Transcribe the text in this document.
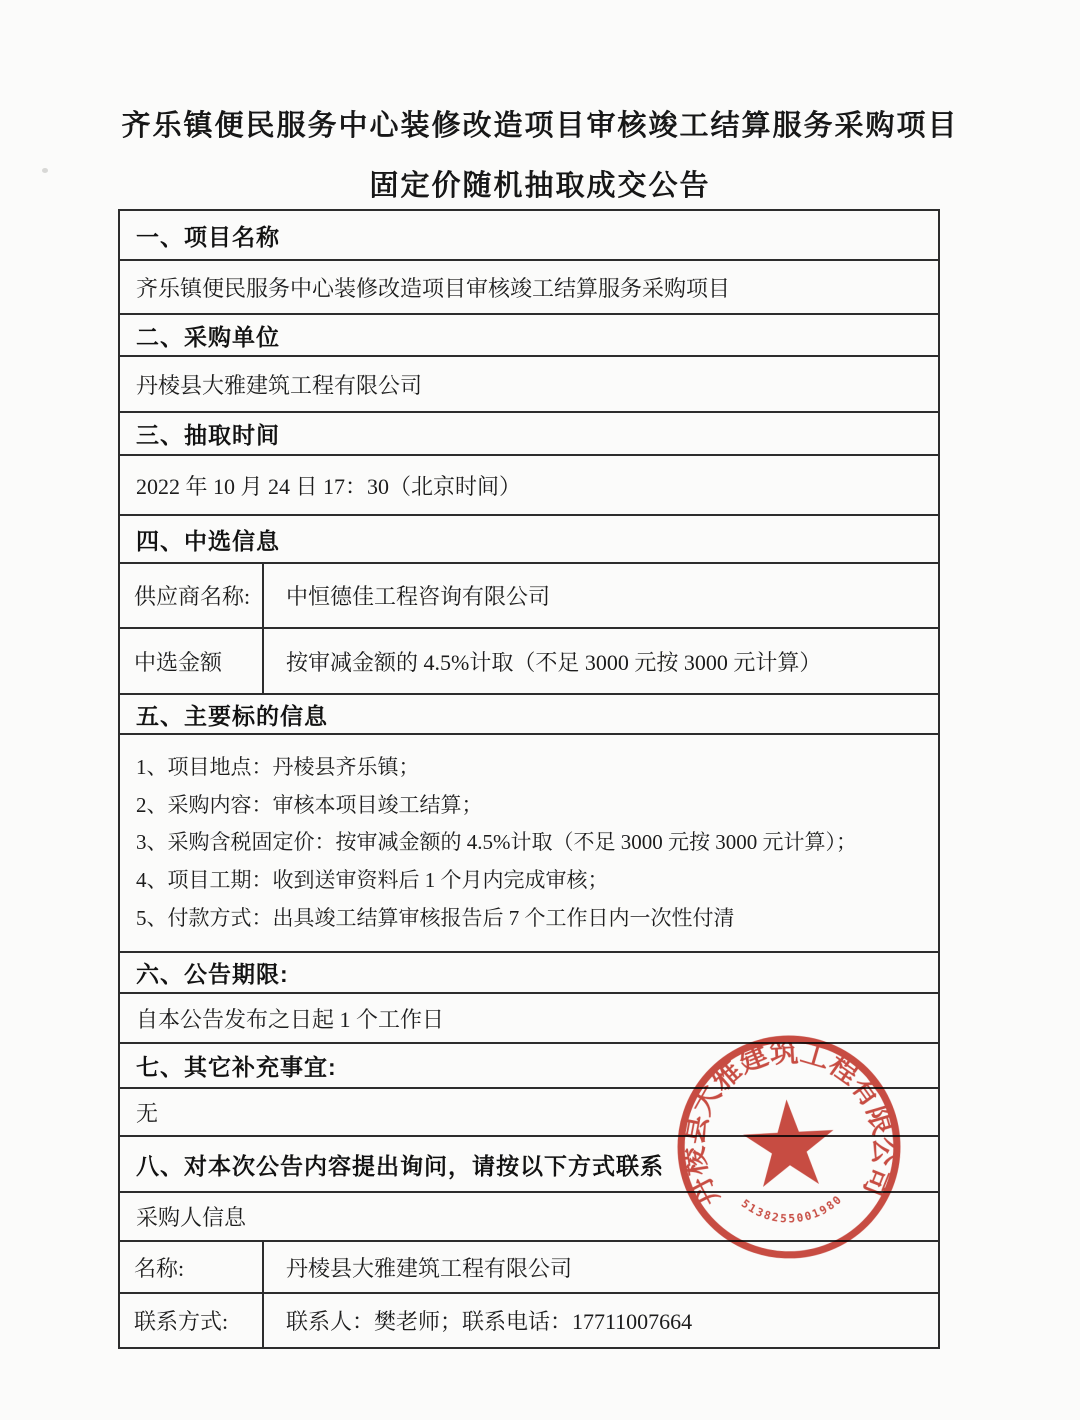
齐乐镇便民服务中心装修改造项目审核竣工结算服务采购项目
固定价随机抽取成交公告
一、项目名称
齐乐镇便民服务中心装修改造项目审核竣工结算服务采购项目
二、采购单位
丹棱县大雅建筑工程有限公司
三、抽取时间
2022 年 10 月 24 日 17：30（北京时间）
四、中选信息
供应商名称:	中恒德佳工程咨询有限公司
中选金额	按审减金额的 4.5%计取（不足 3000 元按 3000 元计算）
五、主要标的信息
1、项目地点：丹棱县齐乐镇；
2、采购内容：审核本项目竣工结算；
3、采购含税固定价：按审减金额的 4.5%计取（不足 3000 元按 3000 元计算）；
4、项目工期：收到送审资料后 1 个月内完成审核；
5、付款方式：出具竣工结算审核报告后 7 个工作日内一次性付清
六、公告期限:
自本公告发布之日起 1 个工作日
七、其它补充事宜:
无
八、对本次公告内容提出询问，请按以下方式联系
采购人信息
名称:	丹棱县大雅建筑工程有限公司
联系方式:	联系人：樊老师；联系电话：17711007664
丹棱县大雅建筑工程有限公司
5138255001980
